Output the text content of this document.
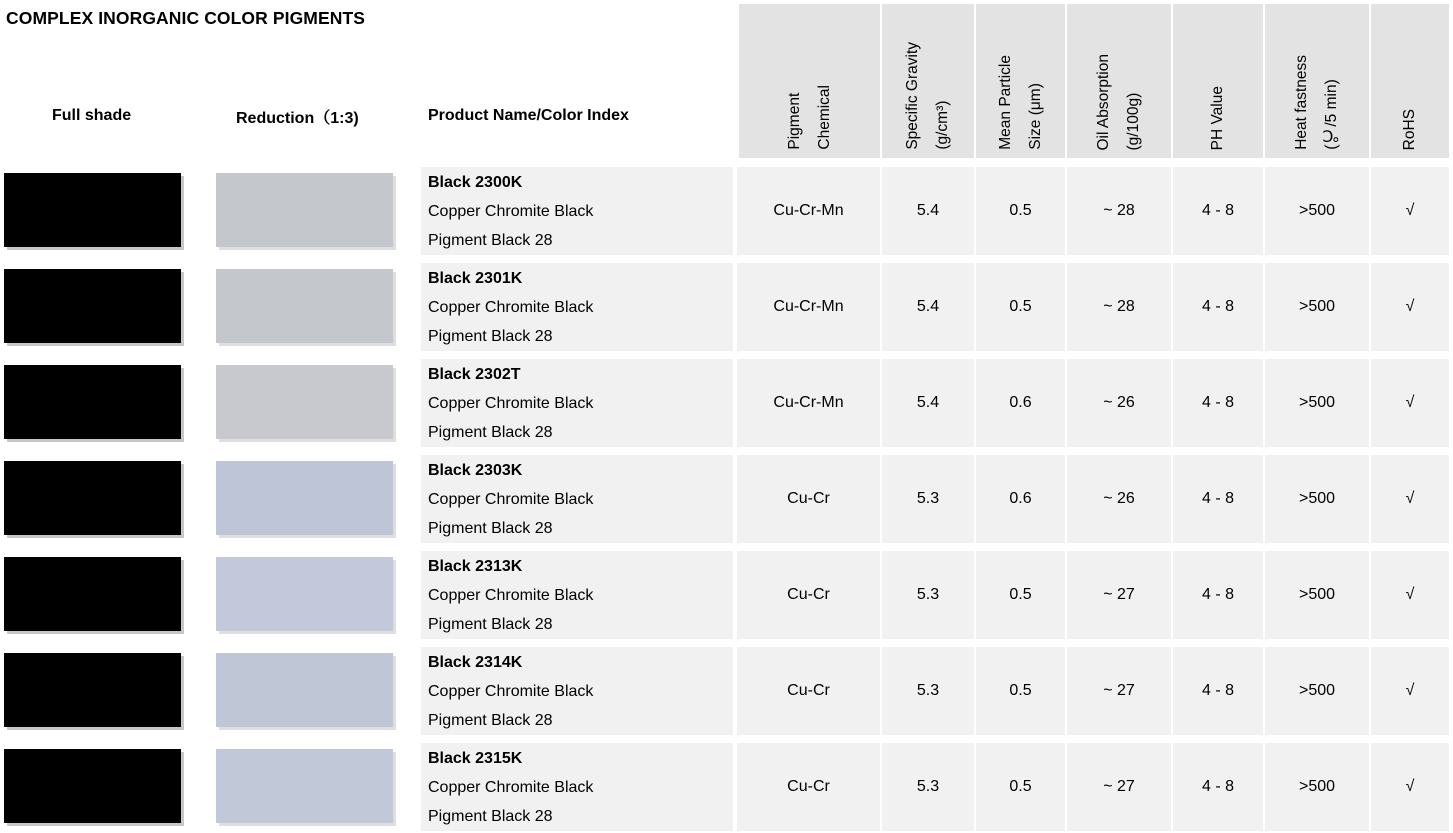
COMPLEX INORGANIC COLOR PIGMENTS
Full shade	Reduction（1:3)	Product Name/Color Index	Pigment Chemical	Specific Gravity (g/cm³)	Mean Particle Size (μm)	Oil Absorption (g/100g)	PH Value	Heat fastness (℃/5 min)	RoHS
Black 2300K
Copper Chromite Black
Pigment Black 28
Cu-Cr-Mn	5.4	0.5	~ 28	4 - 8	>500	√
Black 2301K
Copper Chromite Black
Pigment Black 28
Cu-Cr-Mn	5.4	0.5	~ 28	4 - 8	>500	√
Black 2302T
Copper Chromite Black
Pigment Black 28
Cu-Cr-Mn	5.4	0.6	~ 26	4 - 8	>500	√
Black 2303K
Copper Chromite Black
Pigment Black 28
Cu-Cr	5.3	0.6	~ 26	4 - 8	>500	√
Black 2313K
Copper Chromite Black
Pigment Black 28
Cu-Cr	5.3	0.5	~ 27	4 - 8	>500	√
Black 2314K
Copper Chromite Black
Pigment Black 28
Cu-Cr	5.3	0.5	~ 27	4 - 8	>500	√
Black 2315K
Copper Chromite Black
Pigment Black 28
Cu-Cr	5.3	0.5	~ 27	4 - 8	>500	√
